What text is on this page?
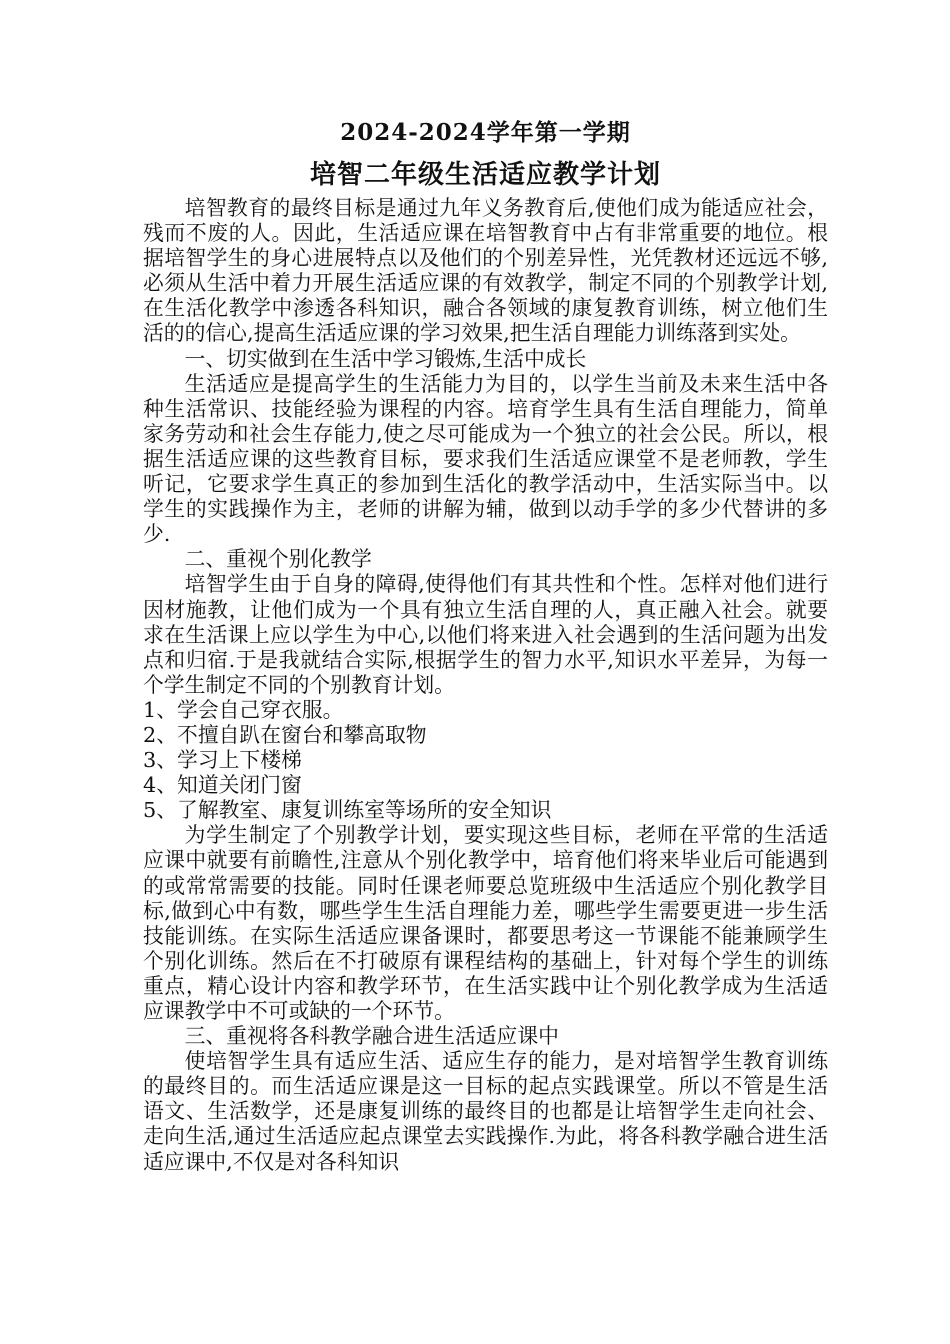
2024-2024学年第一学期
培智二年级生活适应教学计划

培智教育的最终目标是通过九年义务教育后,使他们成为能适应社会，残而不废的人。因此，生活适应课在培智教育中占有非常重要的地位。根据培智学生的身心进展特点以及他们的个别差异性，光凭教材还远远不够,必须从生活中着力开展生活适应课的有效教学，制定不同的个别教学计划,在生活化教学中渗透各科知识，融合各领域的康复教育训练，树立他们生活的的信心,提高生活适应课的学习效果,把生活自理能力训练落到实处。

一、切实做到在生活中学习锻炼,生活中成长

生活适应是提高学生的生活能力为目的，以学生当前及未来生活中各种生活常识、技能经验为课程的内容。培育学生具有生活自理能力，简单家务劳动和社会生存能力,使之尽可能成为一个独立的社会公民。所以，根据生活适应课的这些教育目标，要求我们生活适应课堂不是老师教，学生听记，它要求学生真正的参加到生活化的教学活动中，生活实际当中。以学生的实践操作为主，老师的讲解为辅，做到以动手学的多少代替讲的多少.

二、重视个别化教学

培智学生由于自身的障碍,使得他们有其共性和个性。怎样对他们进行因材施教，让他们成为一个具有独立生活自理的人，真正融入社会。就要求在生活课上应以学生为中心,以他们将来进入社会遇到的生活问题为出发点和归宿.于是我就结合实际,根据学生的智力水平,知识水平差异，为每一个学生制定不同的个别教育计划。

1、学会自己穿衣服。

2、不擅自趴在窗台和攀高取物

3、学习上下楼梯

4、知道关闭门窗

5、了解教室、康复训练室等场所的安全知识

为学生制定了个别教学计划，要实现这些目标，老师在平常的生活适应课中就要有前瞻性,注意从个别化教学中，培育他们将来毕业后可能遇到的或常常需要的技能。同时任课老师要总览班级中生活适应个别化教学目标,做到心中有数，哪些学生生活自理能力差，哪些学生需要更进一步生活技能训练。在实际生活适应课备课时，都要思考这一节课能不能兼顾学生个别化训练。然后在不打破原有课程结构的基础上，针对每个学生的训练重点，精心设计内容和教学环节，在生活实践中让个别化教学成为生活适应课教学中不可或缺的一个环节。

三、重视将各科教学融合进生活适应课中

使培智学生具有适应生活、适应生存的能力，是对培智学生教育训练的最终目的。而生活适应课是这一目标的起点实践课堂。所以不管是生活语文、生活数学，还是康复训练的最终目的也都是让培智学生走向社会、走向生活,通过生活适应起点课堂去实践操作.为此，将各科教学融合进生活适应课中,不仅是对各科知识
